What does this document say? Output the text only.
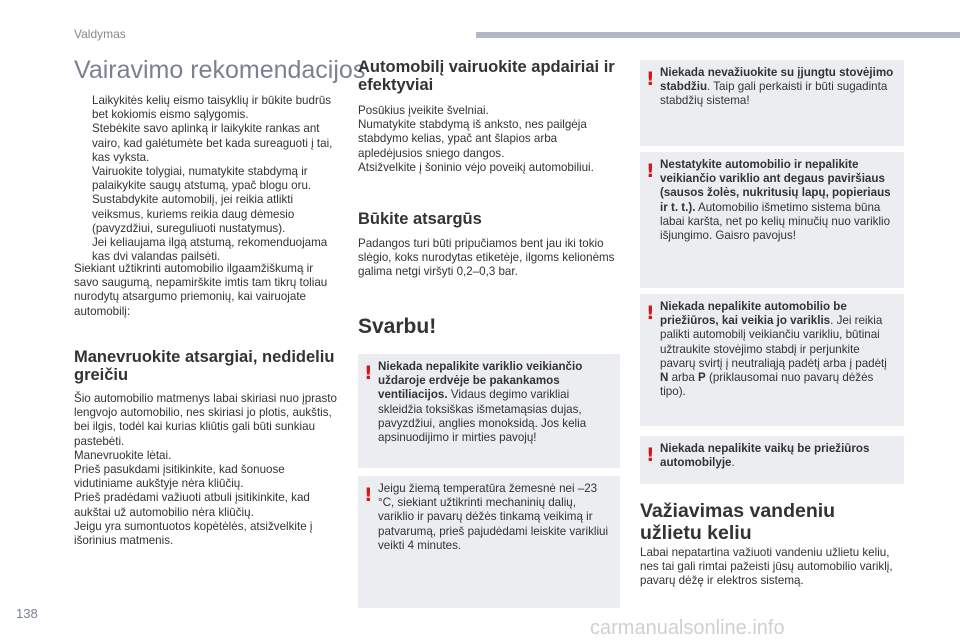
Valdymas
Vairavimo rekomendacijos
Laikykitės kelių eismo taisyklių ir būkite budrūs bet kokiomis eismo sąlygomis.
Stebėkite savo aplinką ir laikykite rankas ant vairo, kad galėtumėte bet kada sureaguoti į tai, kas vyksta.
Vairuokite tolygiai, numatykite stabdymą ir palaikykite saugų atstumą, ypač blogu oru.
Sustabdykite automobilį, jei reikia atlikti veiksmus, kuriems reikia daug dėmesio (pavyzdžiui, sureguliuoti nustatymus).
Jei keliaujama ilgą atstumą, rekomenduojama kas dvi valandas pailsėti.

Siekiant užtikrinti automobilio ilgaamžiškumą ir savo saugumą, nepamirškite imtis tam tikrų toliau nurodytų atsargumo priemonių, kai vairuojate automobilį:

Manevruokite atsargiai, nedideliu greičiu

Šio automobilio matmenys labai skiriasi nuo įprasto lengvojo automobilio, nes skiriasi jo plotis, aukštis, bei ilgis, todėl kai kurias kliūtis gali būti sunkiau pastebėti.

Manevruokite lėtai.

Prieš pasukdami įsitikinkite, kad šonuose vidutiniame aukštyje nėra kliūčių.

Prieš pradėdami važiuoti atbuli įsitikinkite, kad aukštai už automobilio nėra kliūčių.

Jeigu yra sumontuotos kopėtėlės, atsižvelkite į išorinius matmenis.

Automobilį vairuokite apdairiai ir efektyviai

Posūkius įveikite švelniai.

Numatykite stabdymą iš anksto, nes pailgėja stabdymo kelias, ypač ant šlapios arba apledėjusios sniego dangos.

Atsižvelkite į šoninio vėjo poveikį automobiliui.

Būkite atsargūs

Padangos turi būti pripučiamos bent jau iki tokio slėgio, koks nurodytas etiketėje, ilgoms kelionėms galima netgi viršyti 0,2–0,3 bar.

Svarbu!
! Niekada nepalikite variklio veikiančio uždaroje erdvėje be pakankamos ventiliacijos. Vidaus degimo varikliai skleidžia toksiškas išmetamąsias dujas, pavyzdžiui, anglies monoksidą. Jos kelia apsinuodijimo ir mirties pavojų!

! Jeigu žiemą temperatūra žemesnė nei –23 °C, siekiant užtikrinti mechaninių dalių, variklio ir pavarų dėžės tinkamą veikimą ir patvarumą, prieš pajudėdami leiskite varikliui veikti 4 minutes.

! Niekada nevažiuokite su įjungtu stovėjimo stabdžiu. Taip gali perkaisti ir būti sugadinta stabdžių sistema!

! Nestatykite automobilio ir nepalikite veikiančio variklio ant degaus paviršiaus (sausos žolės, nukritusių lapų, popieriaus ir t. t.). Automobilio išmetimo sistema būna labai karšta, net po kelių minučių nuo variklio išjungimo. Gaisro pavojus!

! Niekada nepalikite automobilio be priežiūros, kai veikia jo variklis. Jei reikia palikti automobilį veikiančiu varikliu, būtinai užtraukite stovėjimo stabdį ir perjunkite pavarų svirtį į neutraliąją padėtį arba į padėtį N arba P (priklausomai nuo pavarų dėžės tipo).

! Niekada nepalikite vaikų be priežiūros automobilyje.

Važiavimas vandeniu užlietu keliu

Labai nepatartina važiuoti vandeniu užlietu keliu, nes tai gali rimtai pažeisti jūsų automobilio variklį, pavarų dėžę ir elektros sistemą.

138
carmanualsonline.info
